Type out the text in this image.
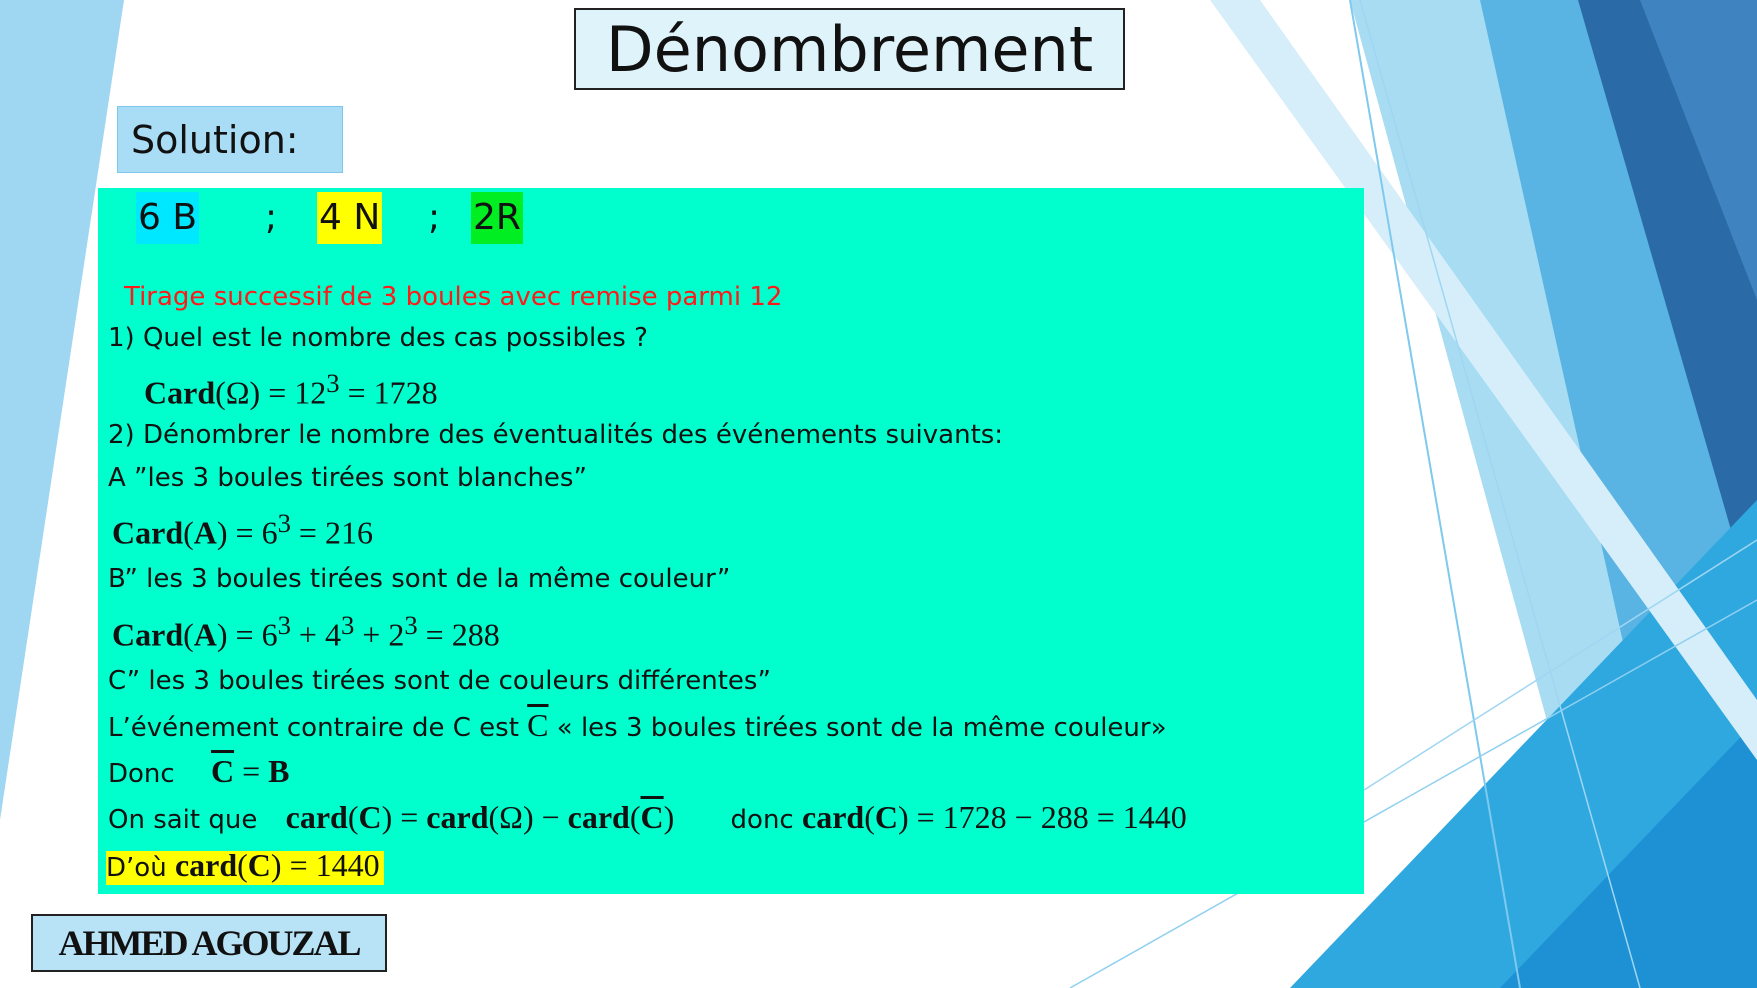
Dénombrement
Solution:
6 B ; 4 N ; 2R
Tirage successif de 3 boules avec remise parmi 12
1) Quel est le nombre des cas possibles ?
Card(Ω) = $12^3 = 1728$
2) Dénombrer le nombre des éventualités des événements suivants:
A ”les 3 boules tirées sont blanches”
Card(A) = $6^3 = 216$
B” les 3 boules tirées sont de la même couleur”
Card(A) = $6^3 + 4^3 + 2^3 = 288$
C” les 3 boules tirées sont de couleurs différentes”
L’événement contraire de C est $\overline{C}$ « les 3 boules tirées sont de la même couleur»
Donc $\overline{C} = B$
On sait que card(C) = card(Ω) − $card(\overline{C})$ donc card(C) = 1728 − 288 = 1440
D’où card(C) = 1440
AHMED AGOUZAL
